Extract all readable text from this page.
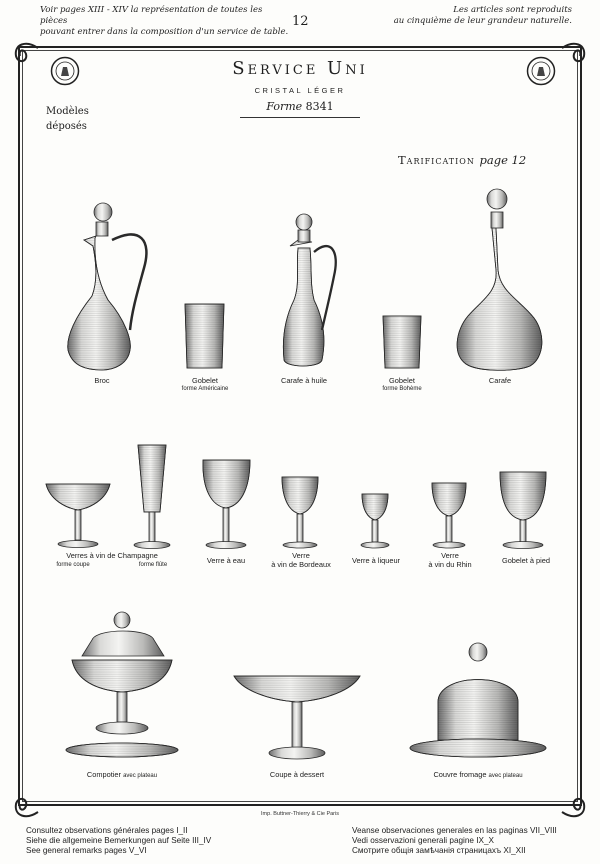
Voir pages XIII - XIV la représentation de toutes les pièces
pouvant entrer dans la composition d'un service de table.
12
Les articles sont reproduits
au cinquième de leur grandeur naturelle.
Service Uni
CRISTAL LÉGER
Forme 8341
Modèles
déposés
Tarification page 12
Broc	Gobelet
forme Américaine
Carafe à huile	Gobelet
forme Bohème
Carafe
Verres à vin de Champagne
forme coupe	forme flûte	Verre à eau
Verre
à vin de Bordeaux	Verre à liqueur
Verre
à vin du Rhin	Gobelet à pied
Compotier avec plateau	Coupe à dessert	Couvre fromage avec plateau
Imp. Buttner-Thierry & Cie Paris
Consultez observations générales pages I_II
Siehe die allgemeine Bemerkungen auf Seite III_IV
See general remarks pages V_VI
Veanse observaciones generales en las paginas VII_VIII
Vedi osservazioni generali pagine IX_X
Смотрите общія замѣчанія страницахъ XI_XII
